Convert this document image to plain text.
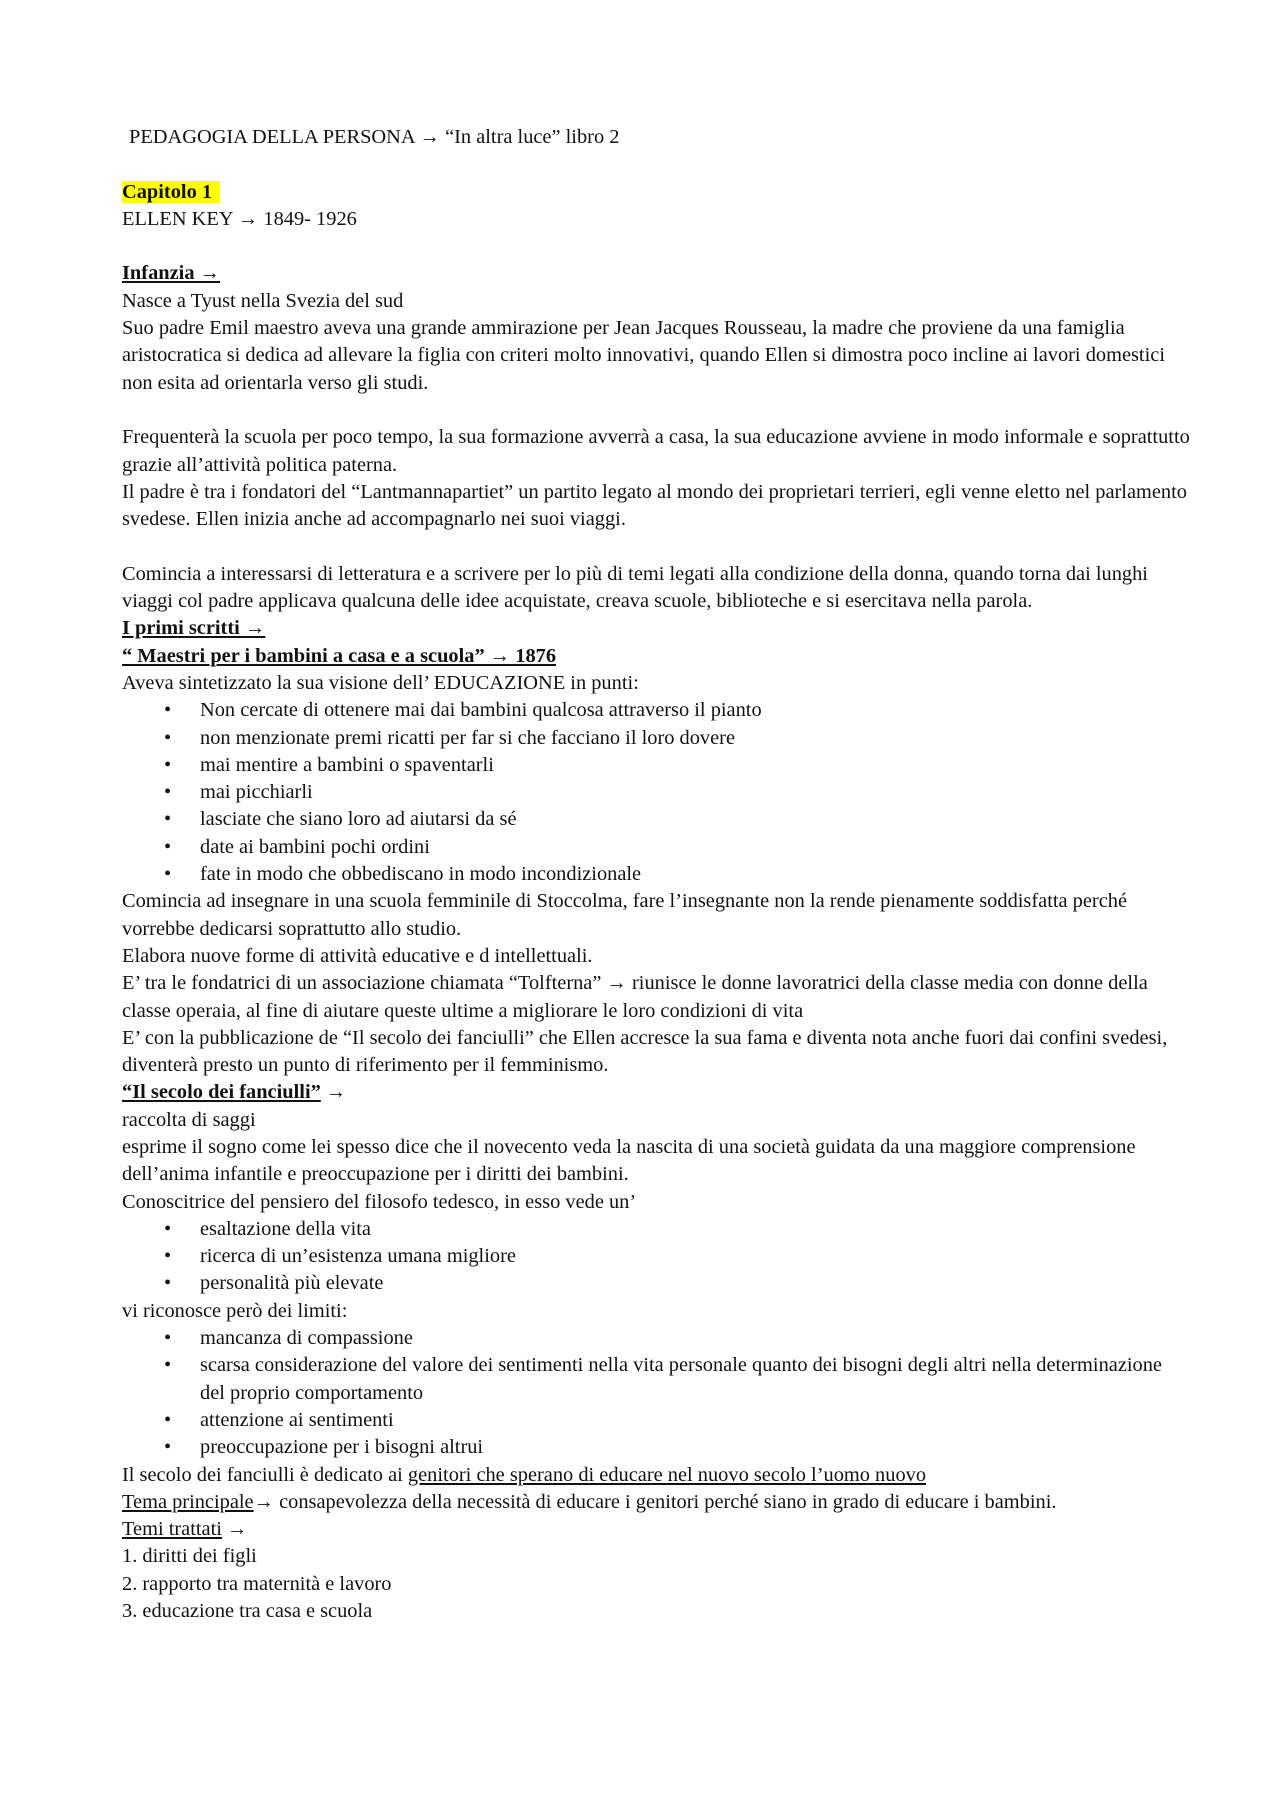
PEDAGOGIA DELLA PERSONA → “In altra luce” libro 2

Capitolo 1

ELLEN KEY → 1849- 1926

Infanzia →

Nasce a Tyust nella Svezia del sud

Suo padre Emil maestro aveva una grande ammirazione per Jean Jacques Rousseau, la madre che proviene da una famiglia aristocratica si dedica ad allevare la figlia con criteri molto innovativi, quando Ellen si dimostra poco incline ai lavori domestici non esita ad orientarla verso gli studi.

Frequenterà la scuola per poco tempo, la sua formazione avverrà a casa, la sua educazione avviene in modo informale e soprattutto grazie all’attività politica paterna.

Il padre è tra i fondatori del “Lantmannapartiet” un partito legato al mondo dei proprietari terrieri, egli venne eletto nel parlamento svedese. Ellen inizia anche ad accompagnarlo nei suoi viaggi.

Comincia a interessarsi di letteratura e a scrivere per lo più di temi legati alla condizione della donna, quando torna dai lunghi viaggi col padre applicava qualcuna delle idee acquistate, creava scuole, biblioteche e si esercitava nella parola.

I primi scritti →

“ Maestri per i bambini a casa e a scuola” → 1876

Aveva sintetizzato la sua visione dell’ EDUCAZIONE in punti:

• Non cercate di ottenere mai dai bambini qualcosa attraverso il pianto
• non menzionate premi ricatti per far si che facciano il loro dovere
• mai mentire a bambini o spaventarli
• mai picchiarli
• lasciate che siano loro ad aiutarsi da sé
• date ai bambini pochi ordini
• fate in modo che obbediscano in modo incondizionale

Comincia ad insegnare in una scuola femminile di Stoccolma, fare l’insegnante non la rende pienamente soddisfatta perché vorrebbe dedicarsi soprattutto allo studio.

Elabora nuove forme di attività educative e d intellettuali.

E’ tra le fondatrici di un associazione chiamata “Tolfterna” → riunisce le donne lavoratrici della classe media con donne della classe operaia, al fine di aiutare queste ultime a migliorare le loro condizioni di vita

E’ con la pubblicazione de “Il secolo dei fanciulli” che Ellen accresce la sua fama e diventa nota anche fuori dai confini svedesi, diventerà presto un punto di riferimento per il femminismo.

“Il secolo dei fanciulli” →

raccolta di saggi

esprime il sogno come lei spesso dice che il novecento veda la nascita di una società guidata da una maggiore comprensione dell’anima infantile e preoccupazione per i diritti dei bambini.

Conoscitrice del pensiero del filosofo tedesco, in esso vede un’

• esaltazione della vita
• ricerca di un’esistenza umana migliore
• personalità più elevate

vi riconosce però dei limiti:

• mancanza di compassione
• scarsa considerazione del valore dei sentimenti nella vita personale quanto dei bisogni degli altri nella determinazione del proprio comportamento
• attenzione ai sentimenti
• preoccupazione per i bisogni altrui

Il secolo dei fanciulli è dedicato ai genitori che sperano di educare nel nuovo secolo l’uomo nuovo

Tema principale→ consapevolezza della necessità di educare i genitori perché siano in grado di educare i bambini.

Temi trattati →

1. diritti dei figli

2. rapporto tra maternità e lavoro

3. educazione tra casa e scuola
